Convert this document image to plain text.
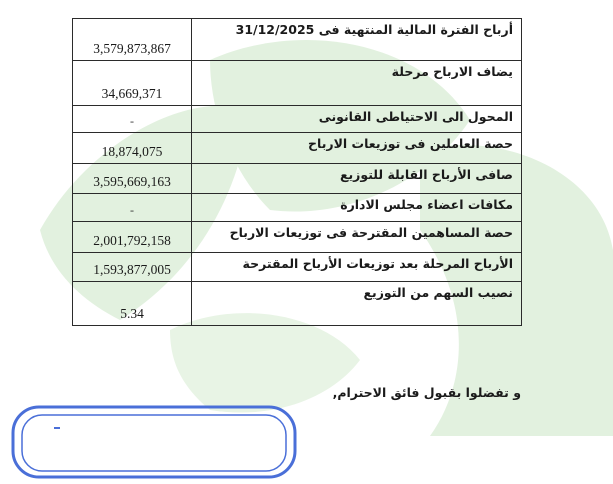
3,579,873,867	أرباح الفترة المالية المنتهية فى 31/12/2025
34,669,371	يضاف الارباح مرحلة
-	المحول الى الاحتياطى القانونى
18,874,075	حصة العاملين فى توزيعات الارباح
3,595,669,163	صافى الأرباح القابلة للتوزيع
-	مكافات اعضاء مجلس الادارة
2,001,792,158	حصة المساهمين المقترحة فى توزيعات الارباح
1,593,877,005	الأرباح المرحلة بعد توزيعات الأرباح المقترحة
5.34	نصيب السهم من التوزيع
و تفضلوا بقبول فائق الاحترام,
